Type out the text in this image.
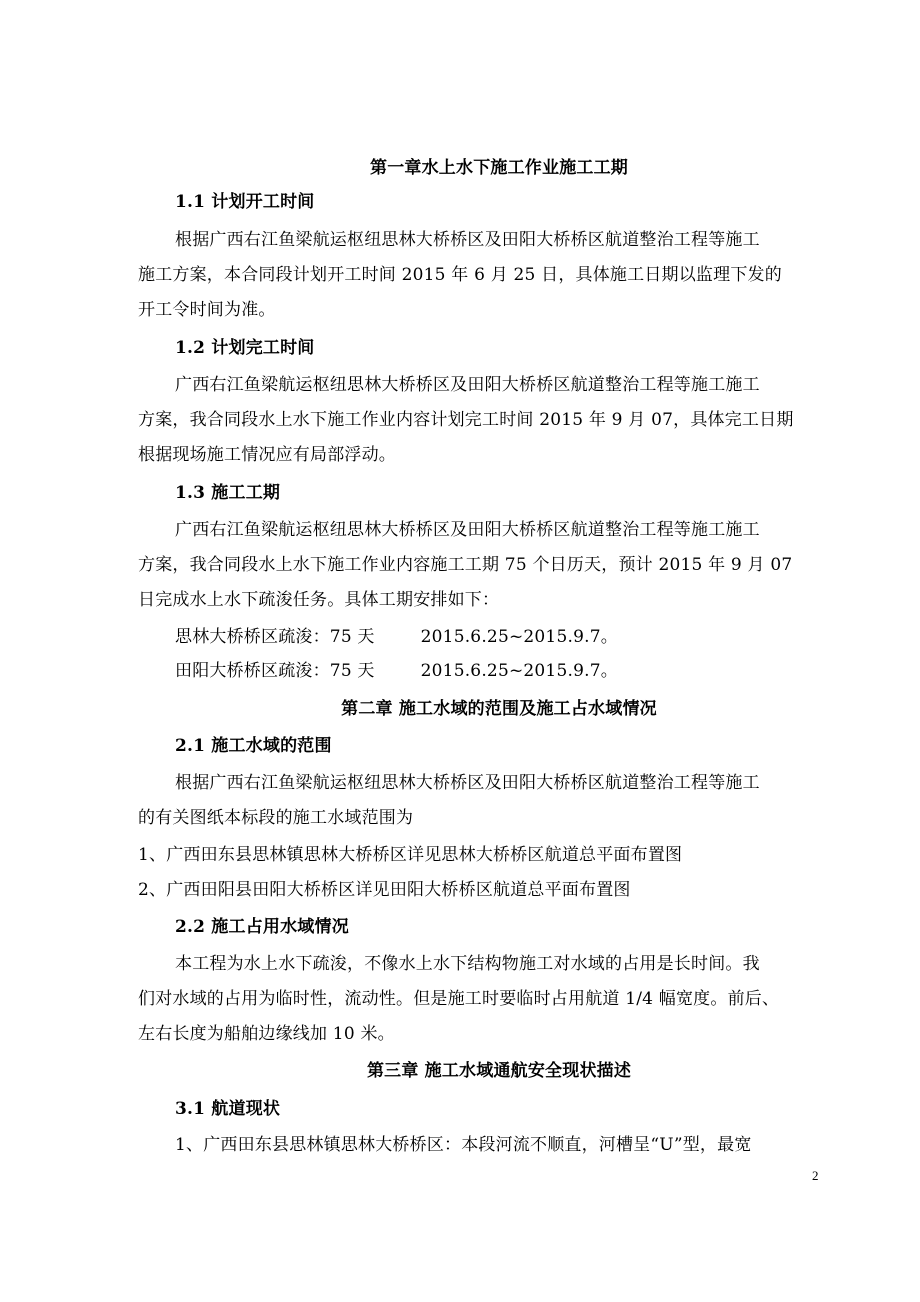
第一章水上水下施工作业施工工期
1.1 计划开工时间
根据广西右江鱼梁航运枢纽思林大桥桥区及田阳大桥桥区航道整治工程等施工
施工方案，本合同段计划开工时间 2015 年 6 月 25 日，具体施工日期以监理下发的
开工令时间为准。
1.2 计划完工时间
广西右江鱼梁航运枢纽思林大桥桥区及田阳大桥桥区航道整治工程等施工施工
方案，我合同段水上水下施工作业内容计划完工时间 2015 年 9 月 07，具体完工日期
根据现场施工情况应有局部浮动。
1.3 施工工期
广西右江鱼梁航运枢纽思林大桥桥区及田阳大桥桥区航道整治工程等施工施工
方案，我合同段水上水下施工作业内容施工工期 75 个日历天，预计 2015 年 9 月 07
日完成水上水下疏浚任务。具体工期安排如下：
思林大桥桥区疏浚：75 天	2015.6.25~2015.9.7。
田阳大桥桥区疏浚：75 天	2015.6.25~2015.9.7。
第二章 施工水域的范围及施工占水域情况
2.1 施工水域的范围
根据广西右江鱼梁航运枢纽思林大桥桥区及田阳大桥桥区航道整治工程等施工
的有关图纸本标段的施工水域范围为
1、广西田东县思林镇思林大桥桥区详见思林大桥桥区航道总平面布置图
2、广西田阳县田阳大桥桥区详见田阳大桥桥区航道总平面布置图
2.2 施工占用水域情况
本工程为水上水下疏浚，不像水上水下结构物施工对水域的占用是长时间。我
们对水域的占用为临时性，流动性。但是施工时要临时占用航道 1/4 幅宽度。前后、
左右长度为船舶边缘线加 10 米。
第三章 施工水域通航安全现状描述
3.1 航道现状
1、广西田东县思林镇思林大桥桥区：本段河流不顺直，河槽呈“U”型，最宽
2
